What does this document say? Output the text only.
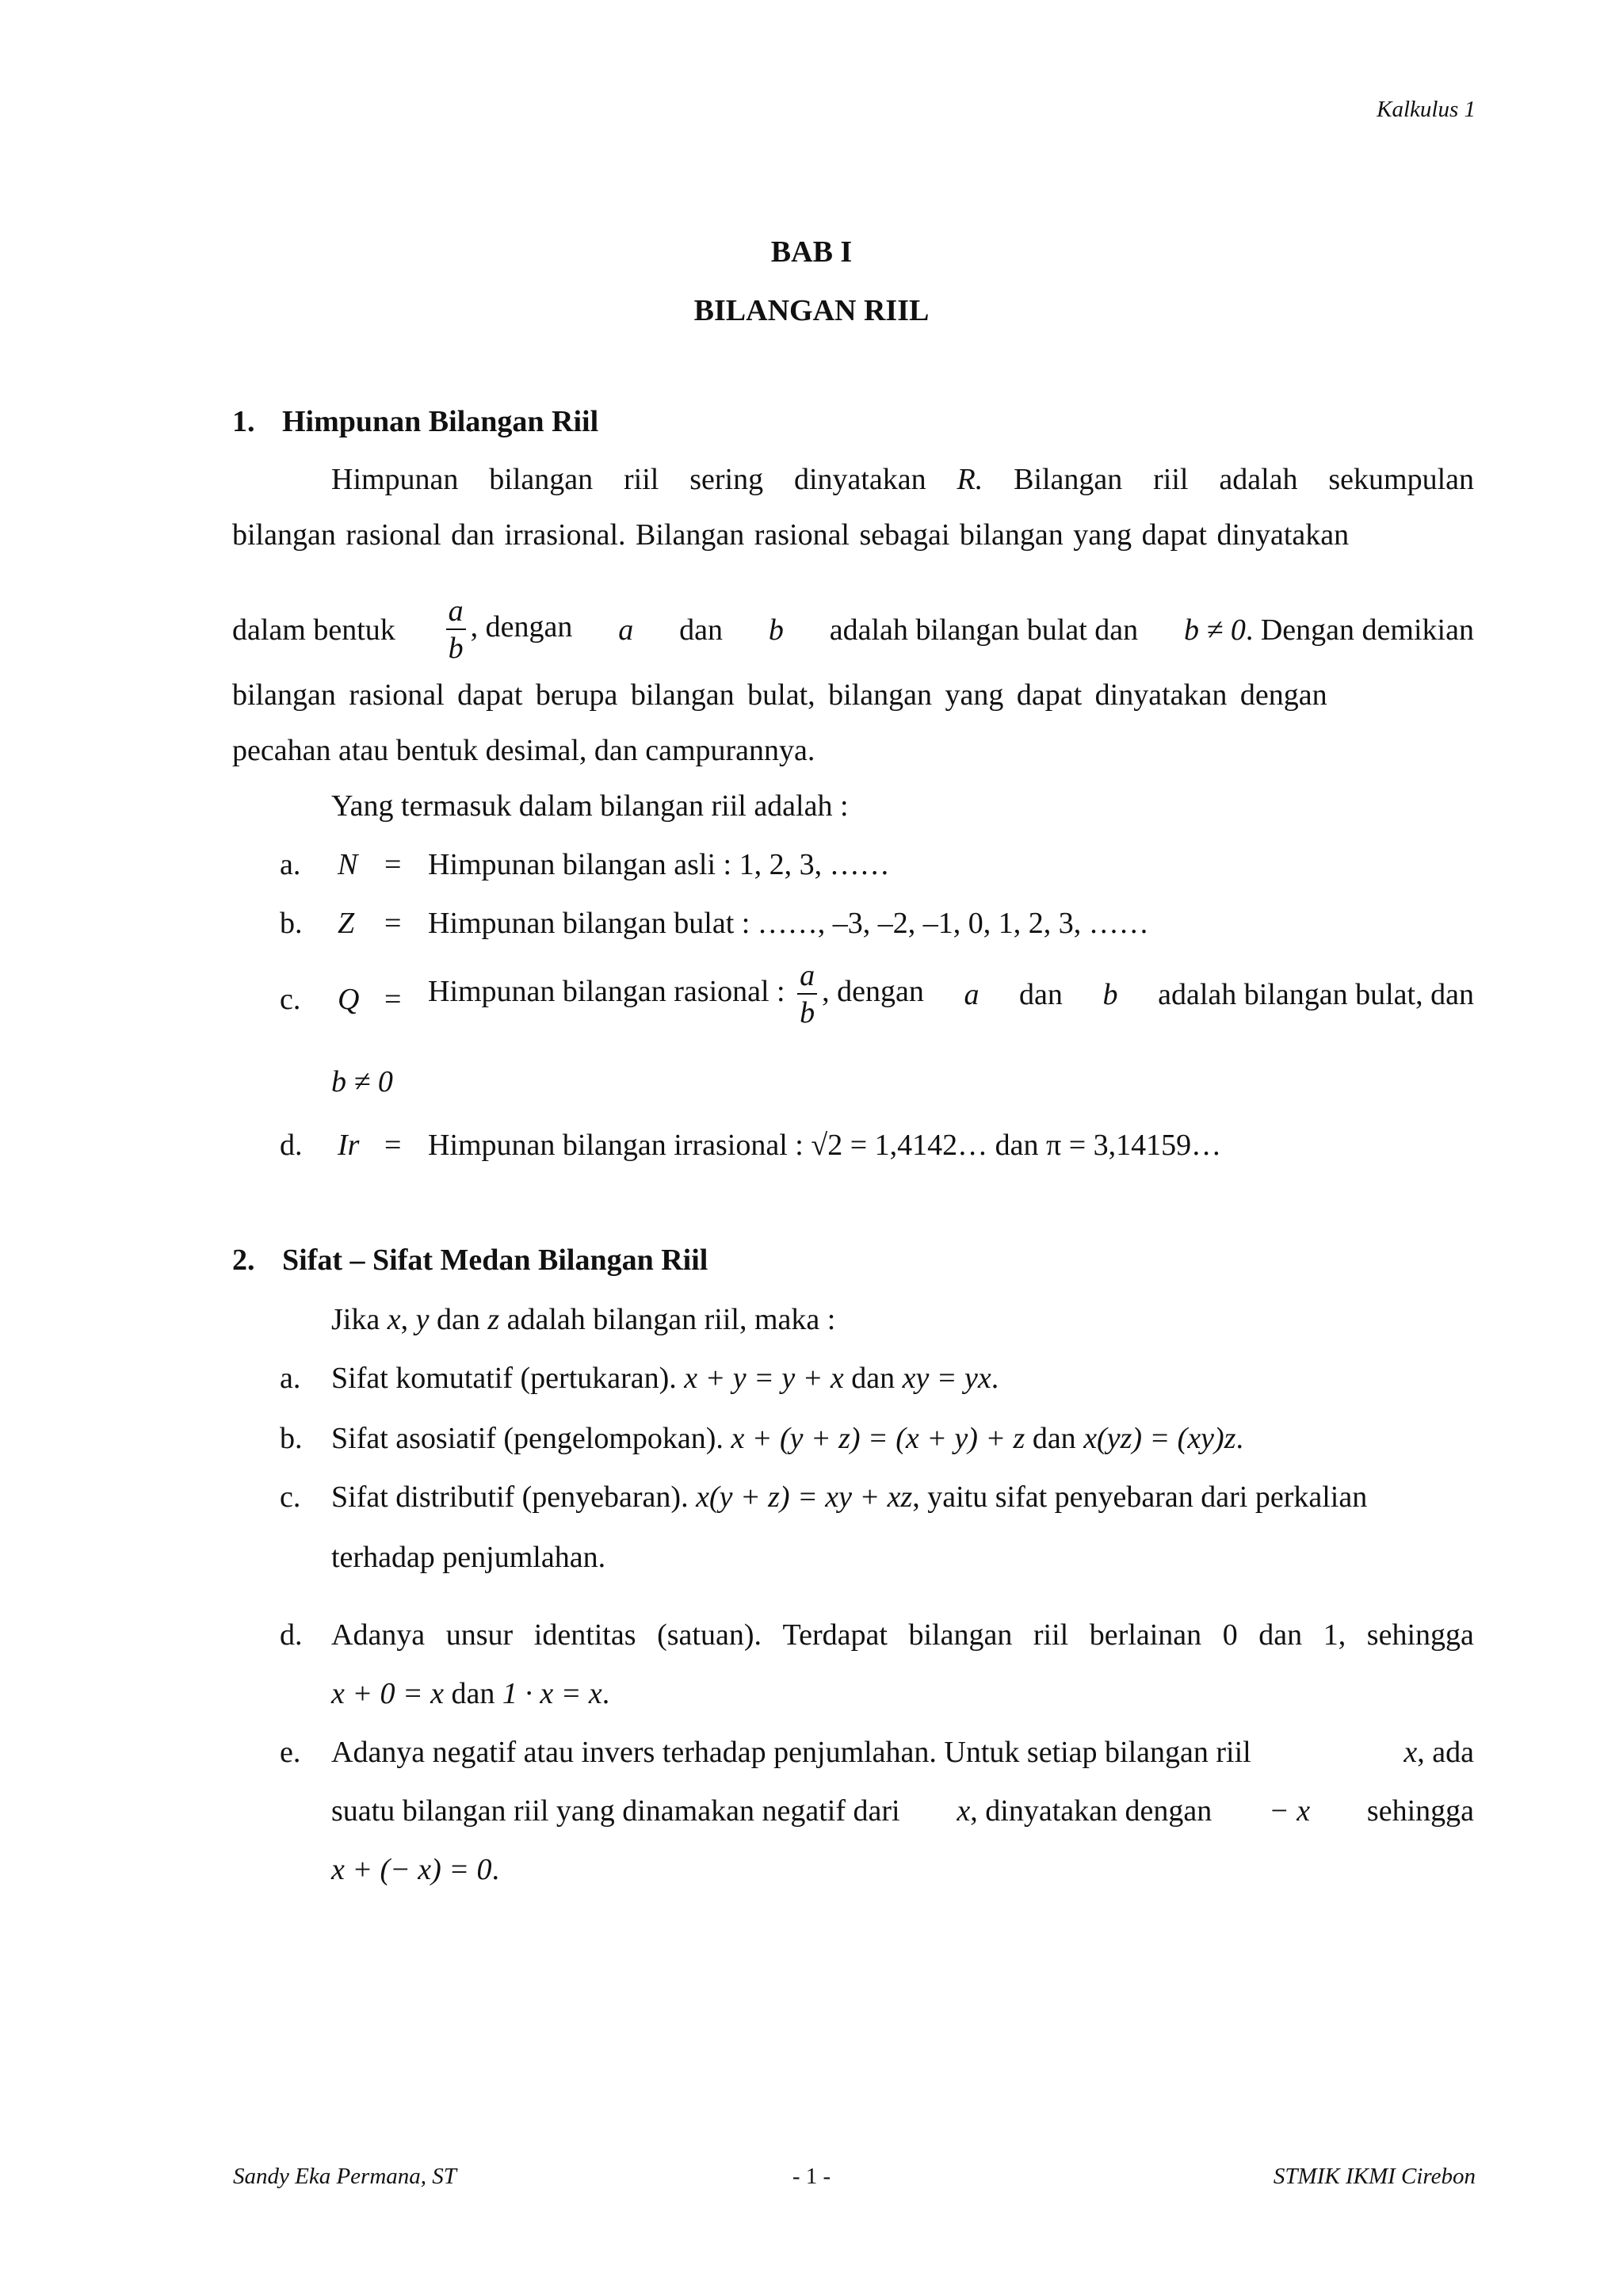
Kalkulus 1
BAB I
BILANGAN RIIL
1. Himpunan Bilangan Riil
Himpunan bilangan riil sering dinyatakan R. Bilangan riil adalah sekumpulan
bilangan rasional dan irrasional. Bilangan rasional sebagai bilangan yang dapat dinyatakan
dalam bentuk $\frac{a}{b}$ , dengan a dan b adalah bilangan bulat dan b ≠ 0. Dengan demikian
bilangan rasional dapat berupa bilangan bulat, bilangan yang dapat dinyatakan dengan
pecahan atau bentuk desimal, dan campurannya.
Yang termasuk dalam bilangan riil adalah :
a. N = Himpunan bilangan asli : 1, 2, 3, ……
b. Z = Himpunan bilangan bulat : ……, –3, –2, –1, 0, 1, 2, 3, ……
c. Q = Himpunan bilangan rasional : $\frac{a}{b}$ , dengan a dan b adalah bilangan bulat, dan
b ≠ 0
d. Ir = Himpunan bilangan irrasional : √2 = 1,4142… dan π = 3,14159…
2. Sifat – Sifat Medan Bilangan Riil
Jika x, y dan z adalah bilangan riil, maka :
a. Sifat komutatif (pertukaran). x + y = y + x dan xy = yx.
b. Sifat asosiatif (pengelompokan). x + (y + z) = (x + y) + z dan x(yz) = (xy)z.
c. Sifat distributif (penyebaran). x(y + z) = xy + xz, yaitu sifat penyebaran dari perkalian
terhadap penjumlahan.
d. Adanya unsur identitas (satuan). Terdapat bilangan riil berlainan 0 dan 1, sehingga
x + 0 = x dan 1 · x = x.
e. Adanya negatif atau invers terhadap penjumlahan. Untuk setiap bilangan riil	x, ada
suatu bilangan riil yang dinamakan negatif dari x, dinyatakan dengan − x sehingga
x + (− x) = 0.
Sandy Eka Permana, ST	- 1 -	STMIK IKMI Cirebon
